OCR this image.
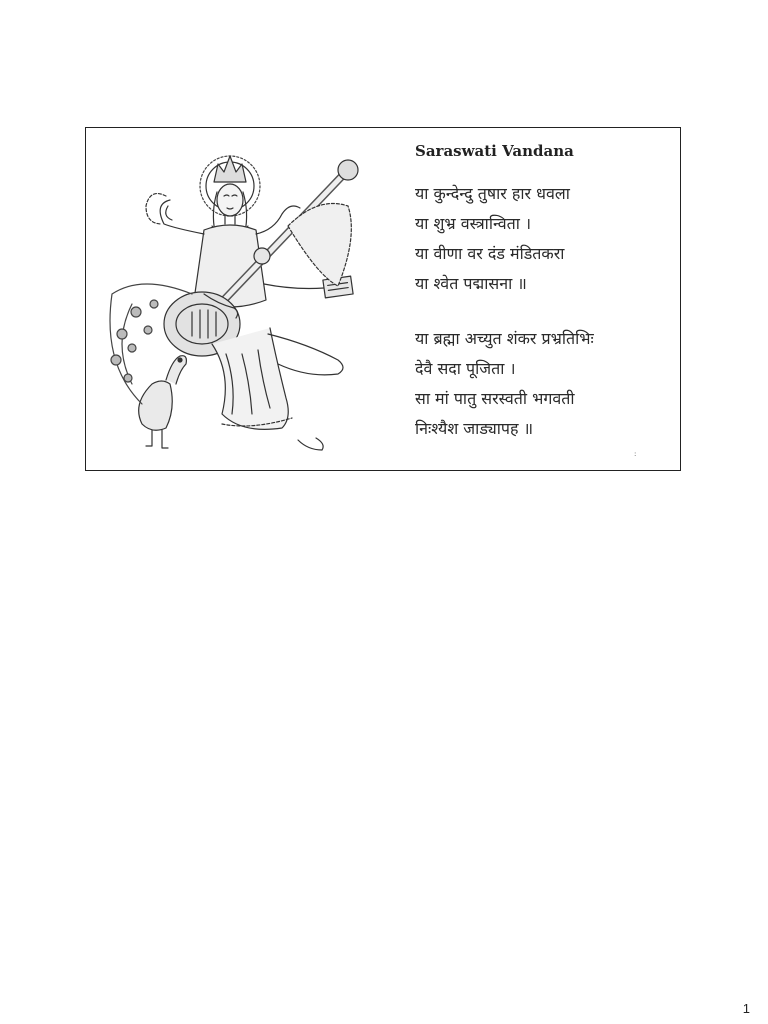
Saraswati Vandana
या कुन्देन्दु तुषार हार धवला
या शुभ्र वस्त्रान्विता ।
या वीणा वर दंड मंडितकरा
या श्वेत पद्मासना ॥
या ब्रह्मा अच्युत शंकर प्रभ्रतिभिः
देवै सदा पूजिता ।
सा मां पातु सरस्वती भगवती
निःश्यैश जाड्यापह ॥
:
1
